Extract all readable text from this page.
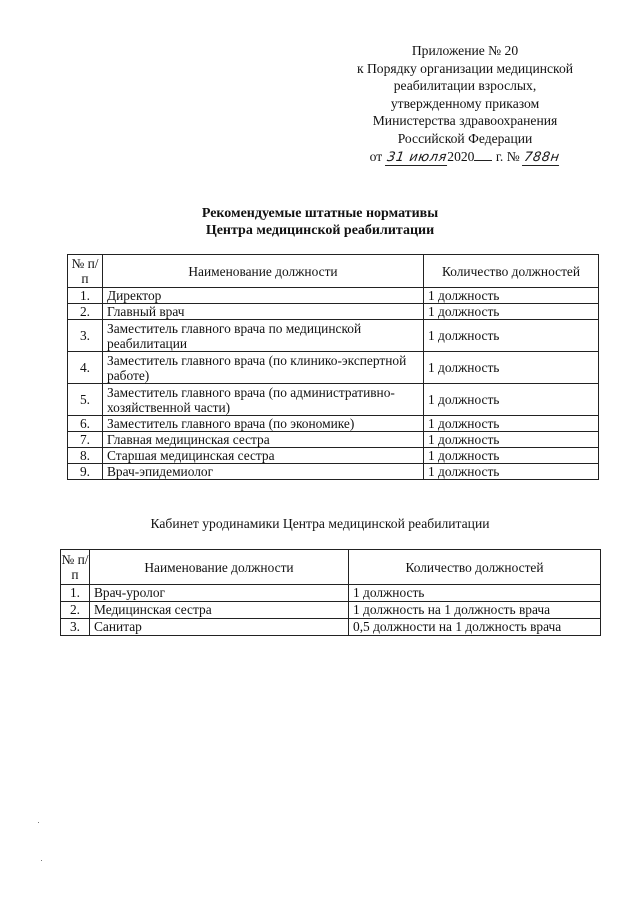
Приложение № 20
к Порядку организации медицинской
реабилитации взрослых,
утвержденному приказом
Министерства здравоохранения
Российской Федерации
от 31 июля2020 г. № 788н
Рекомендуемые штатные нормативы
Центра медицинской реабилитации
№ п/п	Наименование должности	Количество должностей
1.	Директор	1 должность
2.	Главный врач	1 должность
3.	Заместитель главного врача по медицинской реабилитации	1 должность
4.	Заместитель главного врача (по клинико-экспертной работе)	1 должность
5.	Заместитель главного врача (по административно-хозяйственной части)	1 должность
6.	Заместитель главного врача (по экономике)	1 должность
7.	Главная медицинская сестра	1 должность
8.	Старшая медицинская сестра	1 должность
9.	Врач-эпидемиолог	1 должность
Кабинет уродинамики Центра медицинской реабилитации
№ п/п	Наименование должности	Количество должностей
1.	Врач-уролог	1 должность
2.	Медицинская сестра	1 должность на 1 должность врача
3.	Санитар	0,5 должности на 1 должность врача
